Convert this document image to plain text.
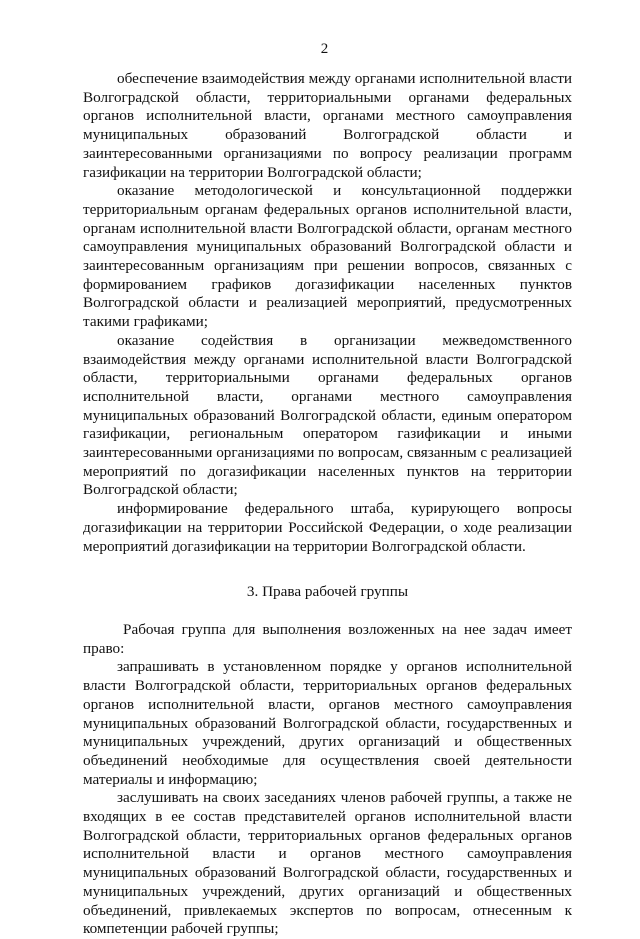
2

обеспечение взаимодействия между органами исполнительной власти Волгоградской области, территориальными органами федеральных органов исполнительной власти, органами местного самоуправления муниципальных образований Волгоградской области и заинтересованными организациями по вопросу реализации программ газификации на территории Волгоградской области;

оказание методологической и консультационной поддержки территориальным органам федеральных органов исполнительной власти, органам исполнительной власти Волгоградской области, органам местного самоуправления муниципальных образований Волгоградской области и заинтересованным организациям при решении вопросов, связанных с формированием графиков догазификации населенных пунктов Волгоградской области и реализацией мероприятий, предусмотренных такими графиками;

оказание содействия в организации межведомственного взаимодействия между органами исполнительной власти Волгоградской области, территориальными органами федеральных органов исполнительной власти, органами местного самоуправления муниципальных образований Волгоградской области, единым оператором газификации, региональным оператором газификации и иными заинтересованными организациями по вопросам, связанным с реализацией мероприятий по догазификации населенных пунктов на территории Волгоградской области;

информирование федерального штаба, курирующего вопросы догазификации на территории Российской Федерации, о ходе реализации мероприятий догазификации на территории Волгоградской области.

3. Права рабочей группы

Рабочая группа для выполнения возложенных на нее задач имеет право:

запрашивать в установленном порядке у органов исполнительной власти Волгоградской области, территориальных органов федеральных органов исполнительной власти, органов местного самоуправления муниципальных образований Волгоградской области, государственных и муниципальных учреждений, других организаций и общественных объединений необходимые для осуществления своей деятельности материалы и информацию;

заслушивать на своих заседаниях членов рабочей группы, а также не входящих в ее состав представителей органов исполнительной власти Волгоградской области, территориальных органов федеральных органов исполнительной власти и органов местного самоуправления муниципальных образований Волгоградской области, государственных и муниципальных учреждений, других организаций и общественных объединений, привлекаемых экспертов по вопросам, отнесенным к компетенции рабочей группы;
